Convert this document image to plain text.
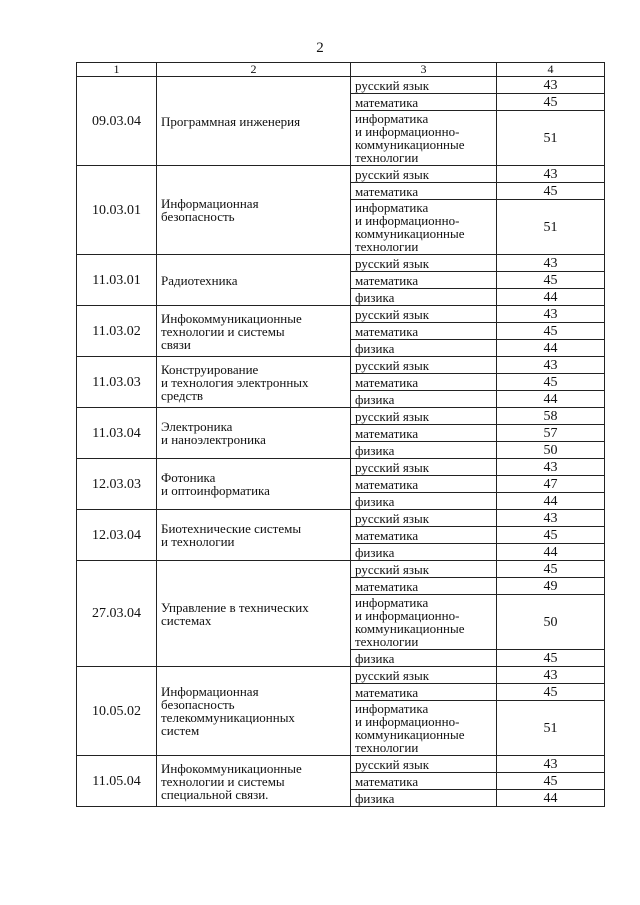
2
1	2	3	4
09.03.04	Программная инженерия	русский язык	43
		математика	45
		информатика
и информационно-
коммуникационные
технологии	51
10.03.01	Информационная
безопасность	русский язык	43
		математика	45
		информатика
и информационно-
коммуникационные
технологии	51
11.03.01	Радиотехника	русский язык	43
		математика	45
		физика	44
11.03.02	Инфокоммуникационные
технологии и системы
связи	русский язык	43
		математика	45
		физика	44
11.03.03	Конструирование
и технология электронных
средств	русский язык	43
		математика	45
		физика	44
11.03.04	Электроника
и наноэлектроника	русский язык	58
		математика	57
		физика	50
12.03.03	Фотоника
и оптоинформатика	русский язык	43
		математика	47
		физика	44
12.03.04	Биотехнические системы
и технологии	русский язык	43
		математика	45
		физика	44
27.03.04	Управление в технических
системах	русский язык	45
		математика	49
		информатика
и информационно-
коммуникационные
технологии	50
		физика	45
10.05.02	Информационная
безопасность
телекоммуникационных
систем	русский язык	43
		математика	45
		информатика
и информационно-
коммуникационные
технологии	51
11.05.04	Инфокоммуникационные
технологии и системы
специальной связи.	русский язык	43
		математика	45
		физика	44
